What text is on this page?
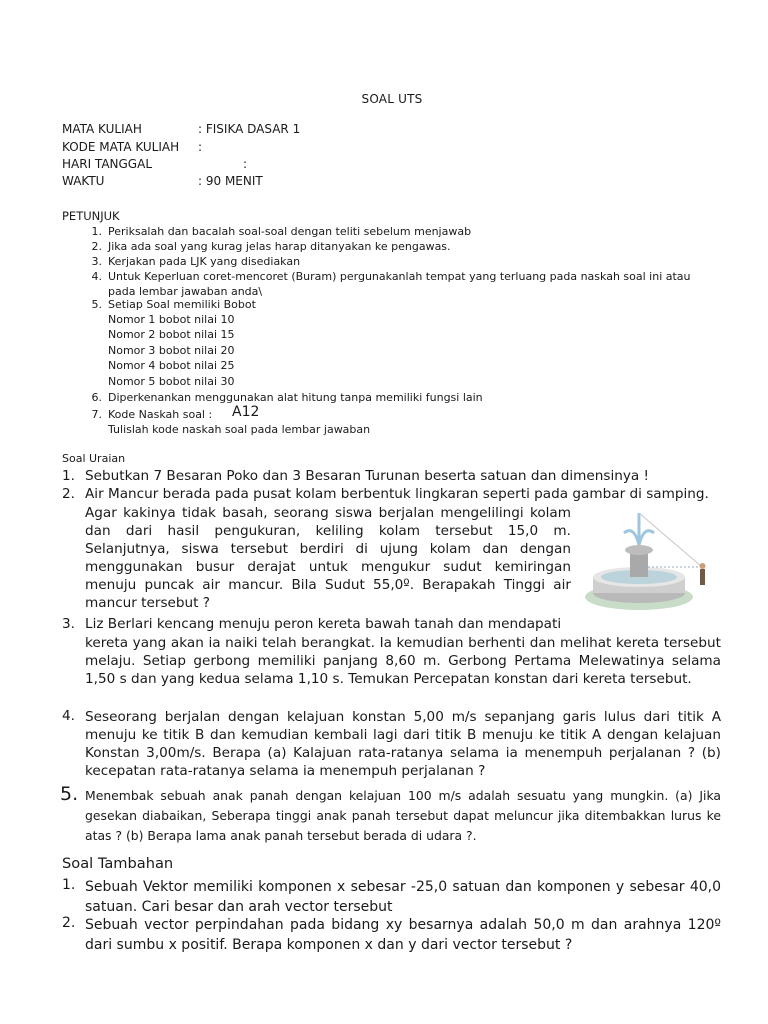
SOAL UTS
MATA KULIAH	: FISIKA DASAR 1
KODE MATA KULIAH :
HARI TANGGAL	:
WAKTU	: 90 MENIT
PETUNJUK
1. Periksalah dan bacalah soal-soal dengan teliti sebelum menjawab
2. Jika ada soal yang kurag jelas harap ditanyakan ke pengawas.
3. Kerjakan pada LJK yang disediakan
4. Untuk Keperluan coret-mencoret (Buram) pergunakanlah tempat yang terluang pada naskah soal ini atau
pada lembar jawaban anda\
5. Setiap Soal memiliki Bobot
Nomor 1 bobot nilai 10
Nomor 2 bobot nilai 15
Nomor 3 bobot nilai 20
Nomor 4 bobot nilai 25
Nomor 5 bobot nilai 30
6. Diperkenankan menggunakan alat hitung tanpa memiliki fungsi lain
7. Kode Naskah soal : A12
Tulislah kode naskah soal pada lembar jawaban
Soal Uraian
1. Sebutkan 7 Besaran Poko dan 3 Besaran Turunan beserta satuan dan dimensinya !
2. Air Mancur berada pada pusat kolam berbentuk lingkaran seperti pada gambar di samping.
Agar kakinya tidak basah, seorang siswa berjalan mengelilingi kolam dan dari hasil pengukuran, keliling kolam tersebut 15,0 m. Selanjutnya, siswa tersebut berdiri di ujung kolam dan dengan menggunakan busur derajat untuk mengukur sudut kemiringan menuju puncak air mancur. Bila Sudut 55,0º. Berapakah Tinggi air mancur tersebut ?
3. Liz Berlari kencang menuju peron kereta bawah tanah dan mendapati
kereta yang akan ia naiki telah berangkat. Ia kemudian berhenti dan melihat kereta tersebut melaju. Setiap gerbong memiliki panjang 8,60 m. Gerbong Pertama Melewatinya selama 1,50 s dan yang kedua selama 1,10 s. Temukan Percepatan konstan dari kereta tersebut.
4. Seseorang berjalan dengan kelajuan konstan 5,00 m/s sepanjang garis lulus dari titik A menuju ke titik B dan kemudian kembali lagi dari titik B menuju ke titik A dengan kelajuan Konstan 3,00m/s. Berapa (a) Kalajuan rata-ratanya selama ia menempuh perjalanan ? (b) kecepatan rata-ratanya selama ia menempuh perjalanan ?
5. Menembak sebuah anak panah dengan kelajuan 100 m/s adalah sesuatu yang mungkin. (a) Jika gesekan diabaikan, Seberapa tinggi anak panah tersebut dapat meluncur jika ditembakkan lurus ke atas ? (b) Berapa lama anak panah tersebut berada di udara ?.
Soal Tambahan
1. Sebuah Vektor memiliki komponen x sebesar -25,0 satuan dan komponen y sebesar 40,0 satuan. Cari besar dan arah vector tersebut
2. Sebuah vector perpindahan pada bidang xy besarnya adalah 50,0 m dan arahnya 120º dari sumbu x positif. Berapa komponen x dan y dari vector tersebut ?
